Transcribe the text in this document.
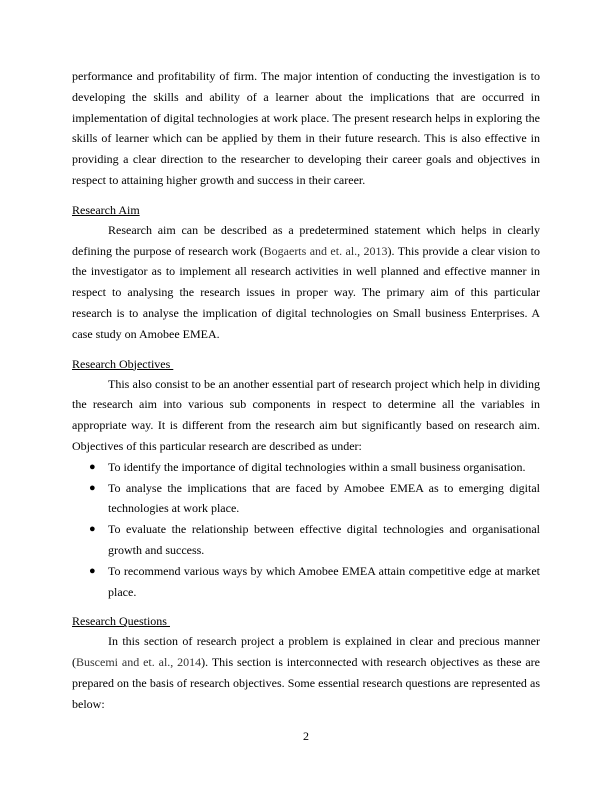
performance and profitability of firm. The major intention of conducting the investigation is to developing the skills and ability of a learner about the implications that are occurred in implementation of digital technologies at work place. The present research helps in exploring the skills of learner which can be applied by them in their future research. This is also effective in providing a clear direction to the researcher to developing their career goals and objectives in respect to attaining higher growth and success in their career.

Research Aim

Research aim can be described as a predetermined statement which helps in clearly defining the purpose of research work (Bogaerts and et. al., 2013). This provide a clear vision to the investigator as to implement all research activities in well planned and effective manner in respect to analysing the research issues in proper way. The primary aim of this particular research is to analyse the implication of digital technologies on Small business Enterprises. A case study on Amobee EMEA.

Research Objectives

This also consist to be an another essential part of research project which help in dividing the research aim into various sub components in respect to determine all the variables in appropriate way. It is different from the research aim but significantly based on research aim. Objectives of this particular research are described as under:

● To identify the importance of digital technologies within a small business organisation.
● To analyse the implications that are faced by Amobee EMEA as to emerging digital technologies at work place.
● To evaluate the relationship between effective digital technologies and organisational growth and success.
● To recommend various ways by which Amobee EMEA attain competitive edge at market place.
Research Questions

In this section of research project a problem is explained in clear and precious manner (Buscemi and et. al., 2014). This section is interconnected with research objectives as these are prepared on the basis of research objectives. Some essential research questions are represented as below:

2
